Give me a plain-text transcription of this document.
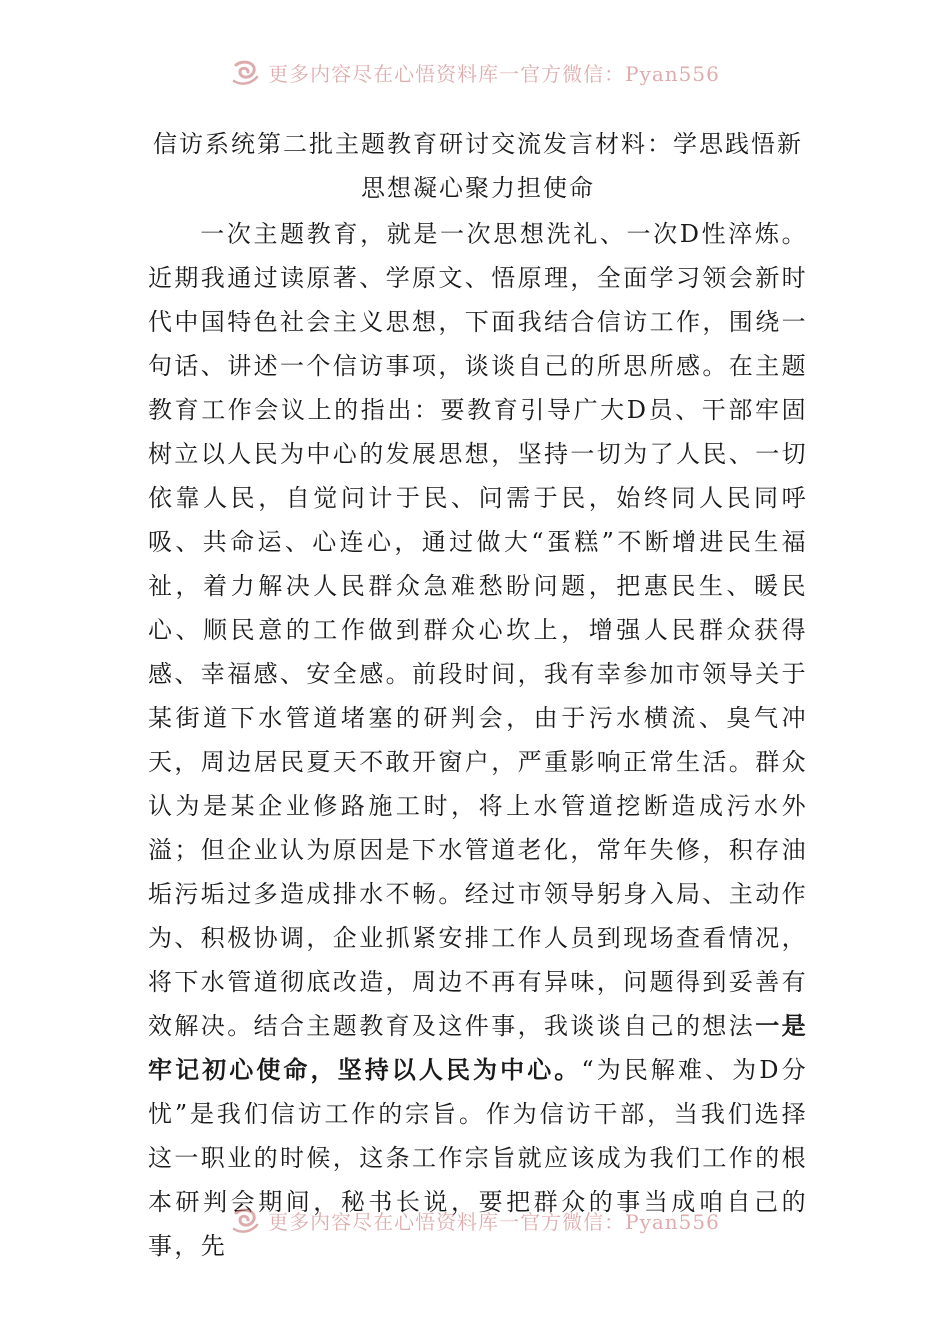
更多内容尽在心悟资料库一官方微信：Pyan556
信访系统第二批主题教育研讨交流发言材料：学思践悟新
思想凝心聚力担使命

一次主题教育，就是一次思想洗礼、一次D性淬炼。近期我通过读原著、学原文、悟原理，全面学习领会新时代中国特色社会主义思想，下面我结合信访工作，围绕一句话、讲述一个信访事项，谈谈自己的所思所感。在主题教育工作会议上的指出：要教育引导广大D员、干部牢固树立以人民为中心的发展思想，坚持一切为了人民、一切依靠人民，自觉问计于民、问需于民，始终同人民同呼吸、共命运、心连心，通过做大“蛋糕”不断增进民生福祉，着力解决人民群众急难愁盼问题，把惠民生、暖民心、顺民意的工作做到群众心坎上，增强人民群众获得感、幸福感、安全感。前段时间，我有幸参加市领导关于某街道下水管道堵塞的研判会，由于污水横流、臭气冲天，周边居民夏天不敢开窗户，严重影响正常生活。群众认为是某企业修路施工时，将上水管道挖断造成污水外溢；但企业认为原因是下水管道老化，常年失修，积存油垢污垢过多造成排水不畅。经过市领导躬身入局、主动作为、积极协调，企业抓紧安排工作人员到现场查看情况，将下水管道彻底改造，周边不再有异味，问题得到妥善有效解决。结合主题教育及这件事，我谈谈自己的想法一是牢记初心使命，坚持以人民为中心。“为民解难、为D分忧”是我们信访工作的宗旨。作为信访干部，当我们选择这一职业的时候，这条工作宗旨就应该成为我们工作的根本研判会期间，秘书长说，要把群众的事当成咱自己的事，先

更多内容尽在心悟资料库一官方微信：Pyan556
